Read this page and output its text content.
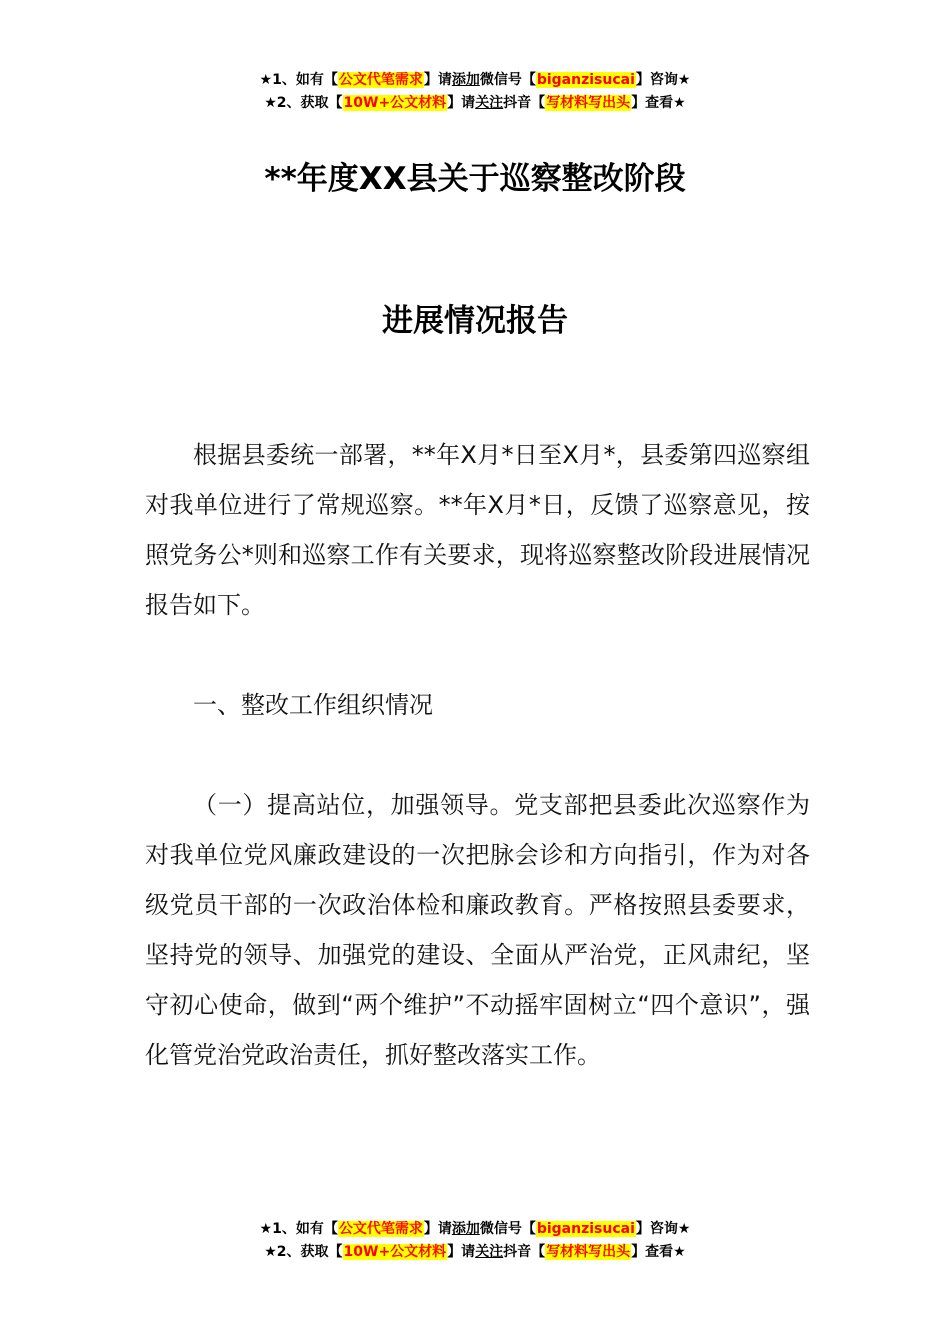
★1、如有【公文代笔需求】请添加微信号【biganzisucai】咨询★
★2、获取【10W+公文材料】请关注抖音【写材料写出头】查看★
**年度XX县关于巡察整改阶段
进展情况报告

根据县委统一部署，**年X月*日至X月*，县委第四巡察组对我单位进行了常规巡察。**年X月*日，反馈了巡察意见，按照党务公*则和巡察工作有关要求，现将巡察整改阶段进展情况报告如下。

一、整改工作组织情况

（一）提高站位，加强领导。党支部把县委此次巡察作为对我单位党风廉政建设的一次把脉会诊和方向指引，作为对各级党员干部的一次政治体检和廉政教育。严格按照县委要求，坚持党的领导、加强党的建设、全面从严治党，正风肃纪，坚守初心使命，做到“两个维护”不动摇牢固树立“四个意识”，强化管党治党政治责任，抓好整改落实工作。

★1、如有【公文代笔需求】请添加微信号【biganzisucai】咨询★
★2、获取【10W+公文材料】请关注抖音【写材料写出头】查看★
